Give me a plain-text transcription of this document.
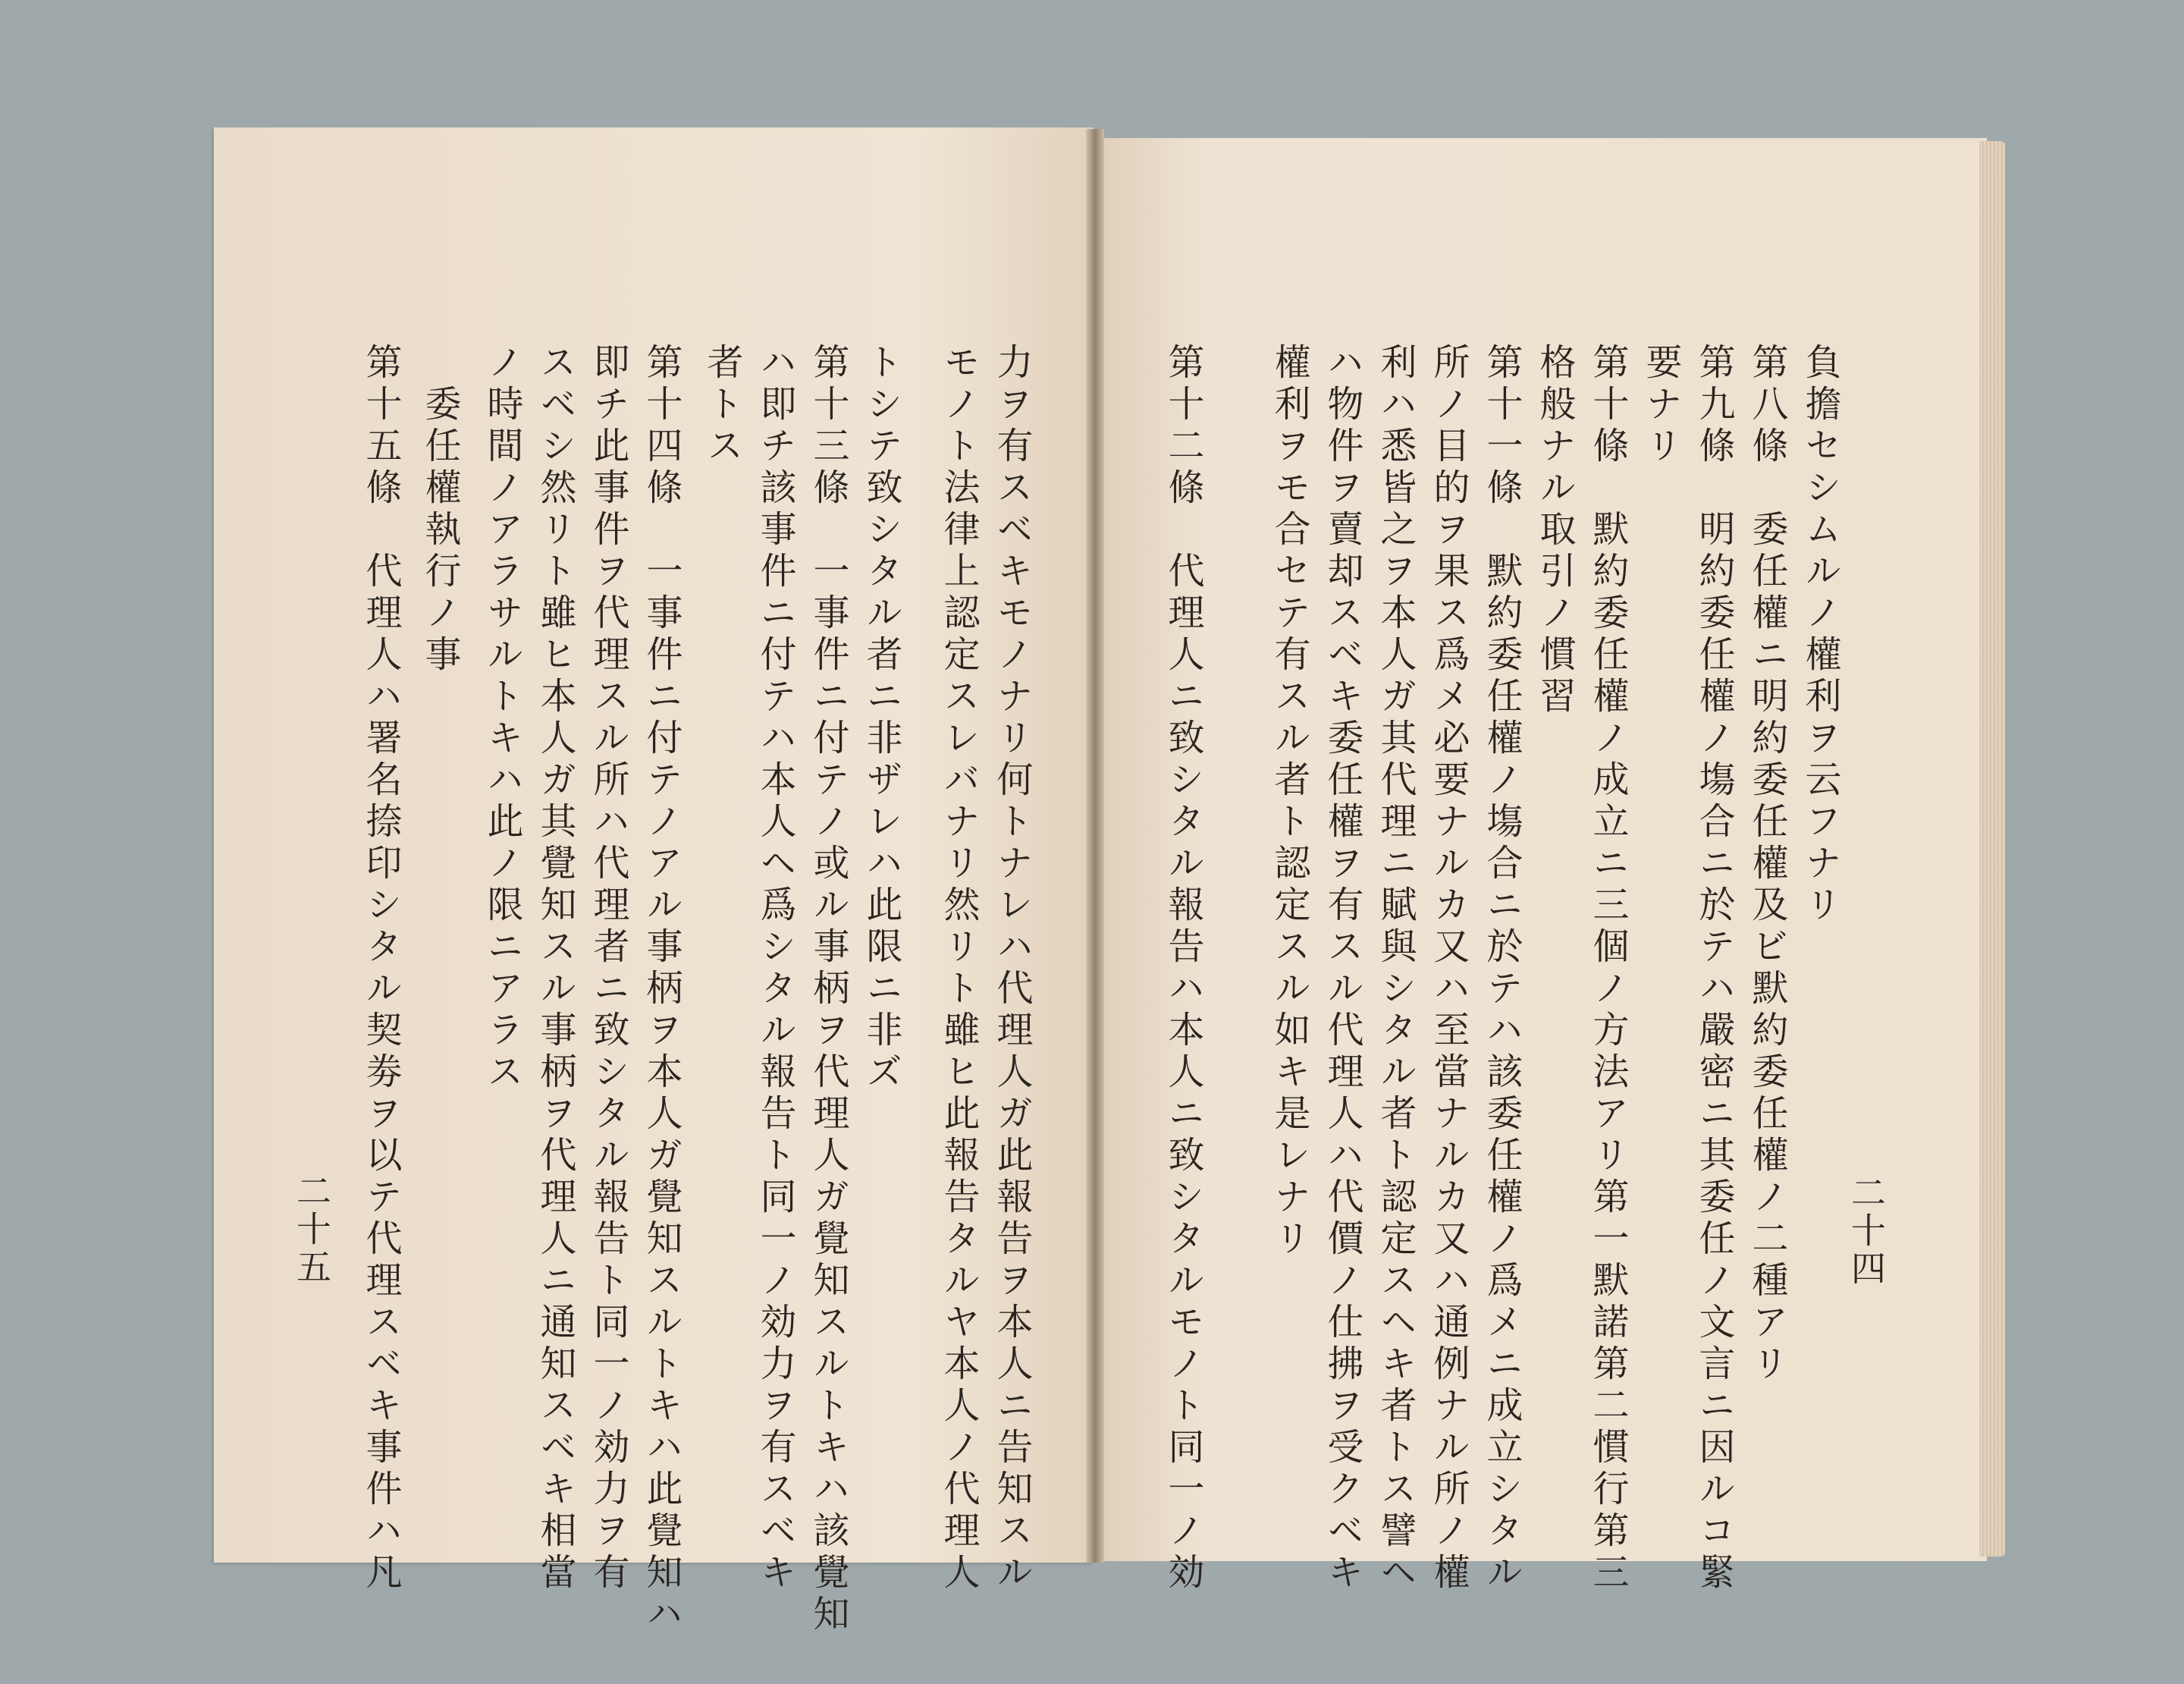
負擔セシムルノ權利ヲ云フナリ
第八條　委任權ニ明約委任權及ビ默約委任權ノ二種アリ
第九條　明約委任權ノ塲合ニ於テハ嚴密ニ其委任ノ文言ニ因ルコ緊
要ナリ
第十條　默約委任權ノ成立ニ三個ノ方法アリ第一默諾第二慣行第三
格般ナル取引ノ慣習
第十一條　默約委任權ノ塲合ニ於テハ該委任權ノ爲メニ成立シタル
所ノ目的ヲ果ス爲メ必要ナルカ又ハ至當ナルカ又ハ通例ナル所ノ權
利ハ悉皆之ヲ本人ガ其代理ニ賦與シタル者ト認定スヘキ者トス譬ヘ
ハ物件ヲ賣却スベキ委任權ヲ有スル代理人ハ代價ノ仕拂ヲ受クベキ
權利ヲモ合セテ有スル者ト認定スル如キ是レナリ
第十二條　代理人ニ致シタル報告ハ本人ニ致シタルモノト同一ノ効	二十四
力ヲ有スベキモノナリ何トナレハ代理人ガ此報告ヲ本人ニ告知スル
モノト法律上認定スレバナリ然リト雖ヒ此報告タルヤ本人ノ代理人
トシテ致シタル者ニ非ザレハ此限ニ非ズ
第十三條　一事件ニ付テノ或ル事柄ヲ代理人ガ覺知スルトキハ該覺知
ハ即チ該事件ニ付テハ本人ヘ爲シタル報告ト同一ノ効力ヲ有スベキ
者トス
第十四條　一事件ニ付テノアル事柄ヲ本人ガ覺知スルトキハ此覺知ハ
即チ此事件ヲ代理スル所ハ代理者ニ致シタル報告ト同一ノ効力ヲ有
スベシ然リト雖ヒ本人ガ其覺知スル事柄ヲ代理人ニ通知スベキ相當
ノ時間ノアラサルトキハ此ノ限ニアラス
　委任權執行ノ事
第十五條　代理人ハ署名捺印シタル契劵ヲ以テ代理スベキ事件ハ凡
二十五
